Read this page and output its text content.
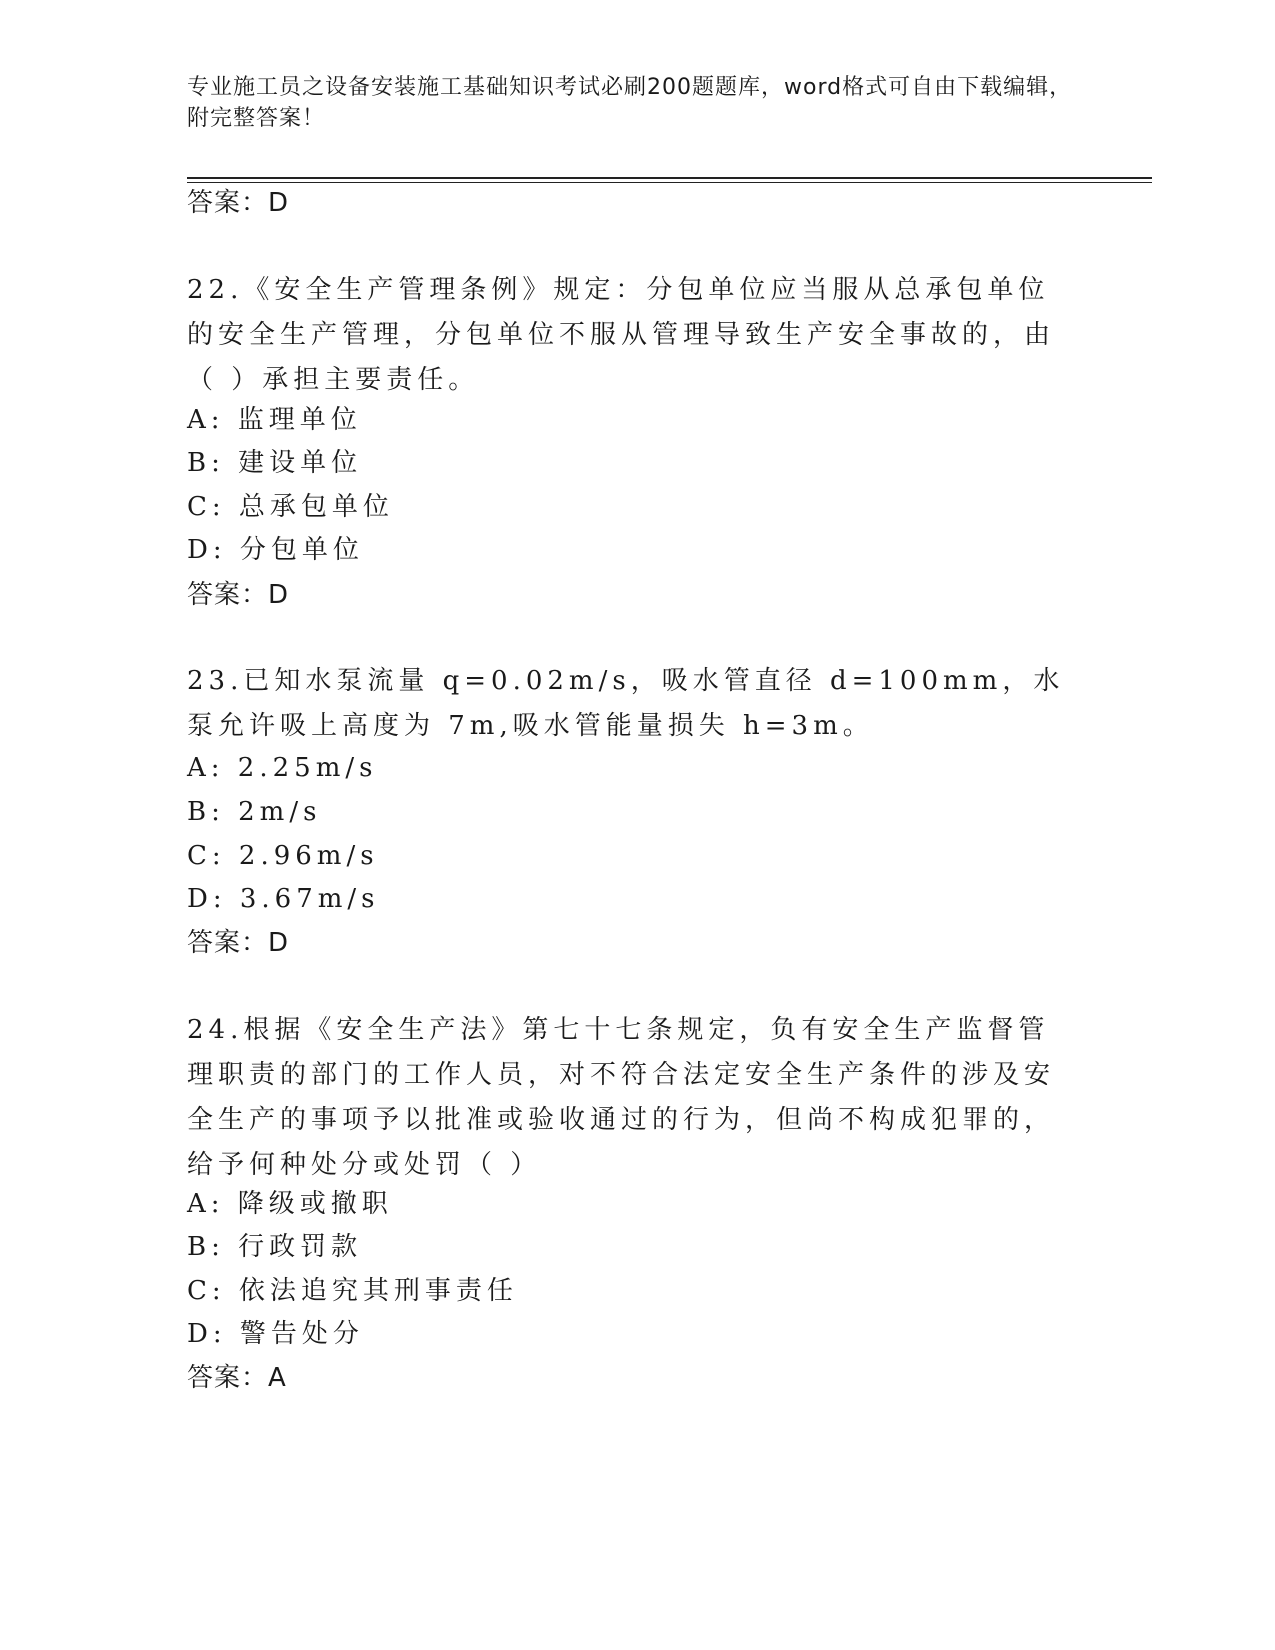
专业施工员之设备安装施工基础知识考试必刷200题题库，word格式可自由下载编辑，附完整答案！
答案：D
22.《安全生产管理条例》规定：分包单位应当服从总承包单位的安全生产管理，分包单位不服从管理导致生产安全事故的，由（ ）承担主要责任。
A: 监理单位
B: 建设单位
C: 总承包单位
D: 分包单位
答案：D
23.已知水泵流量 q=0.02m/s，吸水管直径 d=100mm，水泵允许吸上高度为 7m,吸水管能量损失 h=3m。
A: 2.25m/s
B: 2m/s
C: 2.96m/s
D: 3.67m/s
答案：D
24.根据《安全生产法》第七十七条规定，负有安全生产监督管理职责的部门的工作人员，对不符合法定安全生产条件的涉及安全生产的事项予以批准或验收通过的行为，但尚不构成犯罪的，给予何种处分或处罚（ ）
A: 降级或撤职
B: 行政罚款
C: 依法追究其刑事责任
D: 警告处分
答案：A
